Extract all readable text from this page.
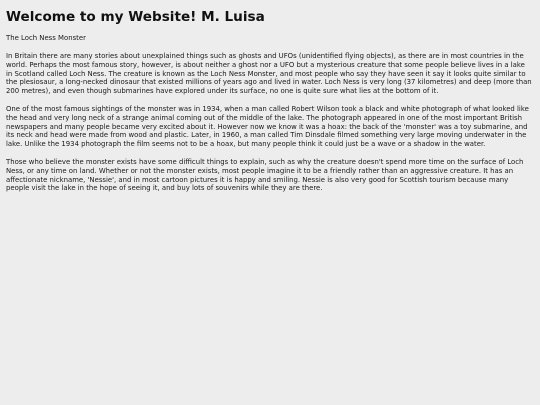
Welcome to my Website! M. Luisa
The Loch Ness Monster

In Britain there are many stories about unexplained things such as ghosts and UFOs (unidentified flying objects), as there are in most countries in the world. Perhaps the most famous story, however, is about neither a ghost nor a UFO but a mysterious creature that some people believe lives in a lake in Scotland called Loch Ness. The creature is known as the Loch Ness Monster, and most people who say they have seen it say it looks quite similar to the plesiosaur, a long-necked dinosaur that existed millions of years ago and lived in water. Loch Ness is very long (37 kilometres) and deep (more than 200 metres), and even though submarines have explored under its surface, no one is quite sure what lies at the bottom of it.

One of the most famous sightings of the monster was in 1934, when a man called Robert Wilson took a black and white photograph of what looked like the head and very long neck of a strange animal coming out of the middle of the lake. The photograph appeared in one of the most important British newspapers and many people became very excited about it. However now we know it was a hoax: the back of the 'monster' was a toy submarine, and its neck and head were made from wood and plastic. Later, in 1960, a man called Tim Dinsdale filmed something very large moving underwater in the lake. Unlike the 1934 photograph the film seems not to be a hoax, but many people think it could just be a wave or a shadow in the water.

Those who believe the monster exists have some difficult things to explain, such as why the creature doesn't spend more time on the surface of Loch Ness, or any time on land. Whether or not the monster exists, most people imagine it to be a friendly rather than an aggressive creature. It has an affectionate nickname, 'Nessie', and in most cartoon pictures it is happy and smiling. Nessie is also very good for Scottish tourism because many people visit the lake in the hope of seeing it, and buy lots of souvenirs while they are there.
